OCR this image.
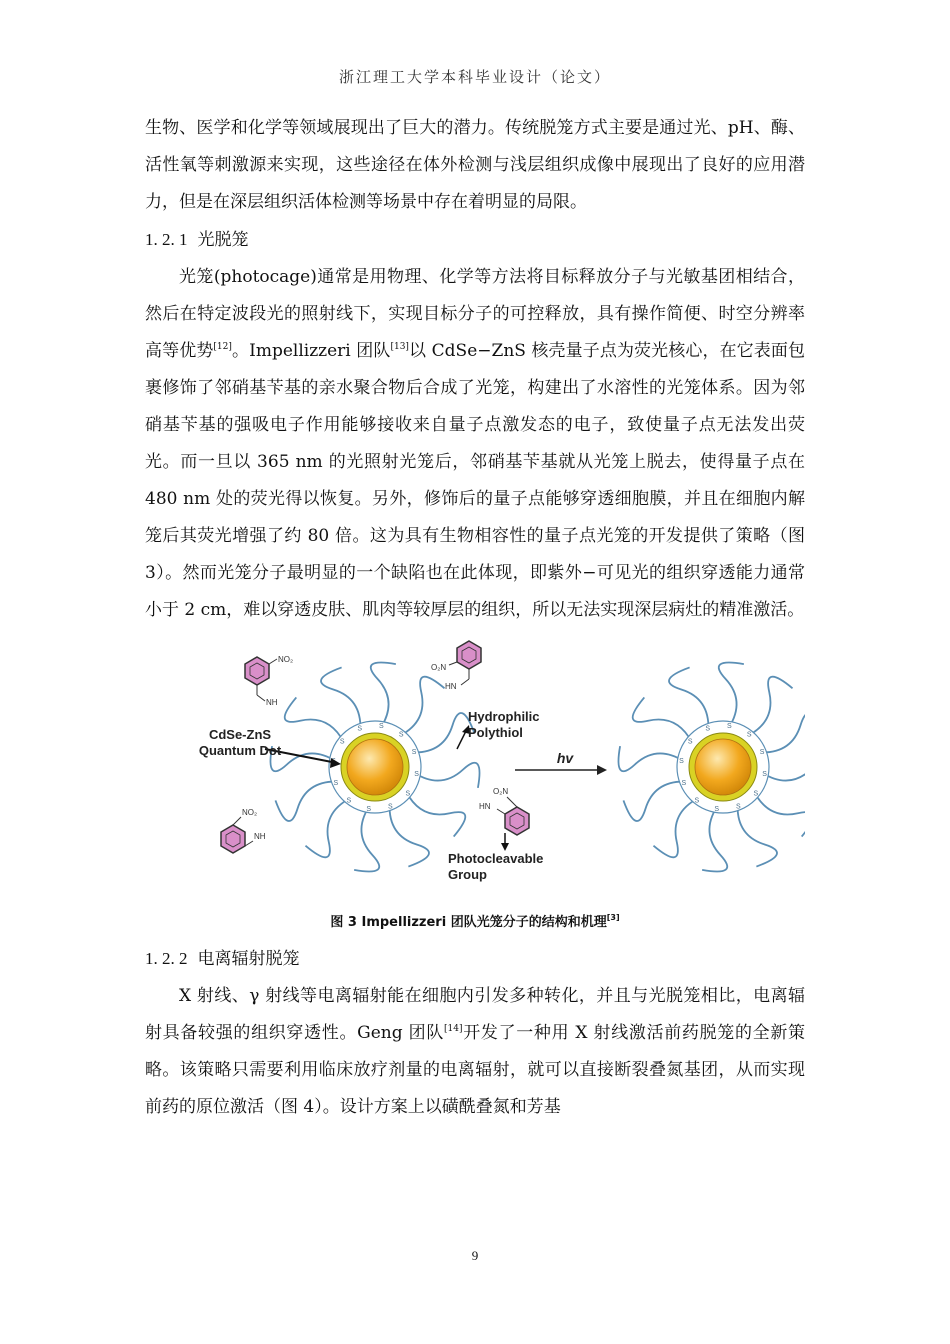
浙江理工大学本科毕业设计（论文）

生物、医学和化学等领域展现出了巨大的潜力。传统脱笼方式主要是通过光、pH、酶、活性氧等刺激源来实现，这些途径在体外检测与浅层组织成像中展现出了良好的应用潜力，但是在深层组织活体检测等场景中存在着明显的局限。

1. 2. 1 光脱笼

光笼(photocage)通常是用物理、化学等方法将目标释放分子与光敏基团相结合，然后在特定波段光的照射线下，实现目标分子的可控释放，具有操作简便、时空分辨率高等优势[12]。Impellizzeri 团队[13]以 CdSe−ZnS 核壳量子点为荧光核心，在它表面包裹修饰了邻硝基苄基的亲水聚合物后合成了光笼，构建出了水溶性的光笼体系。因为邻硝基苄基的强吸电子作用能够接收来自量子点激发态的电子，致使量子点无法发出荧光。而一旦以 365 nm 的光照射光笼后，邻硝基苄基就从光笼上脱去，使得量子点在 480 nm 处的荧光得以恢复。另外，修饰后的量子点能够穿透细胞膜，并且在细胞内解笼后其荧光增强了约 80 倍。这为具有生物相容性的量子点光笼的开发提供了策略（图 3）。然而光笼分子最明显的一个缺陷也在此体现，即紫外−可见光的组织穿透能力通常小于 2 cm，难以穿透皮肤、肌肉等较厚层的组织，所以无法实现深层病灶的精准激活。

S
S
S
S
S
S
S
S S
S
S
S
S
S
S
S
S
S
S
S S
S
S
CdSe-ZnS
Quantum Dot
Hydrophilic
Polythiol
hv
Photocleavable
Group
NO₂
NH
O₂N
HN
NO₂
NH
O₂N
HN

图 3 Impellizzeri 团队光笼分子的结构和机理[3]

1. 2. 2 电离辐射脱笼

X 射线、γ 射线等电离辐射能在细胞内引发多种转化，并且与光脱笼相比，电离辐射具备较强的组织穿透性。Geng 团队[14]开发了一种用 X 射线激活前药脱笼的全新策略。该策略只需要利用临床放疗剂量的电离辐射，就可以直接断裂叠氮基团，从而实现前药的原位激活（图 4）。设计方案上以磺酰叠氮和芳基

9
